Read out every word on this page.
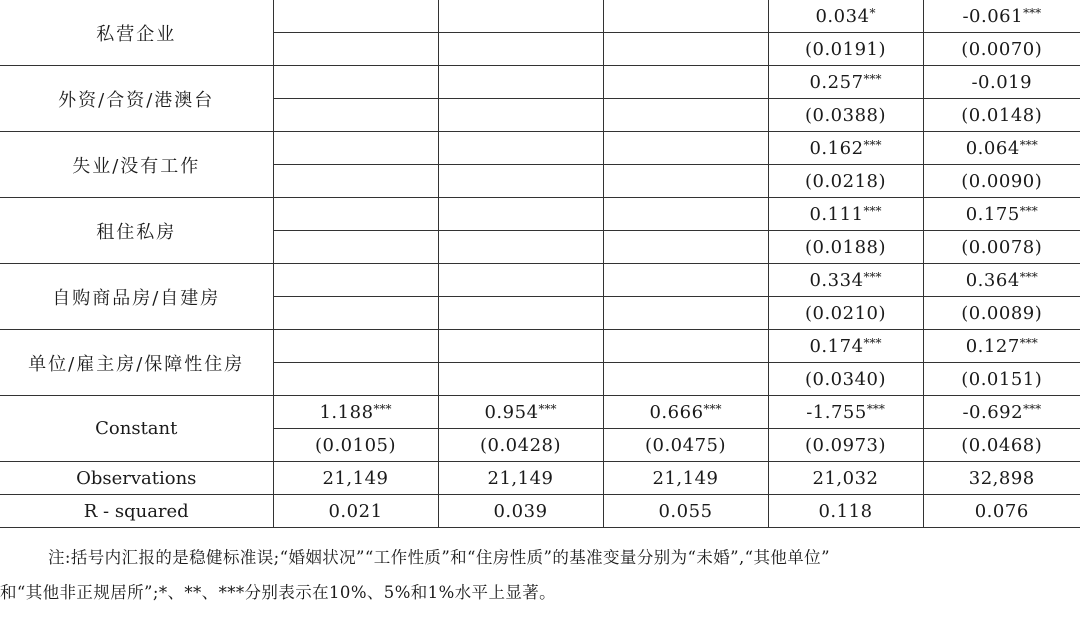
私营企业				0.034*	-0.061***
				(0.0191)	(0.0070)
外资/合资/港澳台				0.257***	-0.019
				(0.0388)	(0.0148)
失业/没有工作				0.162***	0.064***
				(0.0218)	(0.0090)
租住私房				0.111***	0.175***
				(0.0188)	(0.0078)
自购商品房/自建房				0.334***	0.364***
				(0.0210)	(0.0089)
单位/雇主房/保障性住房				0.174***	0.127***
				(0.0340)	(0.0151)
Constant	1.188***	0.954***	0.666***	-1.755***	-0.692***
	(0.0105)	(0.0428)	(0.0475)	(0.0973)	(0.0468)
Observations	21,149	21,149	21,149	21,032	32,898
R - squared	0.021	0.039	0.055	0.118	0.076

注:括号内汇报的是稳健标准误;“婚姻状况”“工作性质”和“住房性质”的基准变量分别为“未婚”,“其他单位”
和“其他非正规居所”;*、**、***分别表示在10%、5%和1%水平上显著。
